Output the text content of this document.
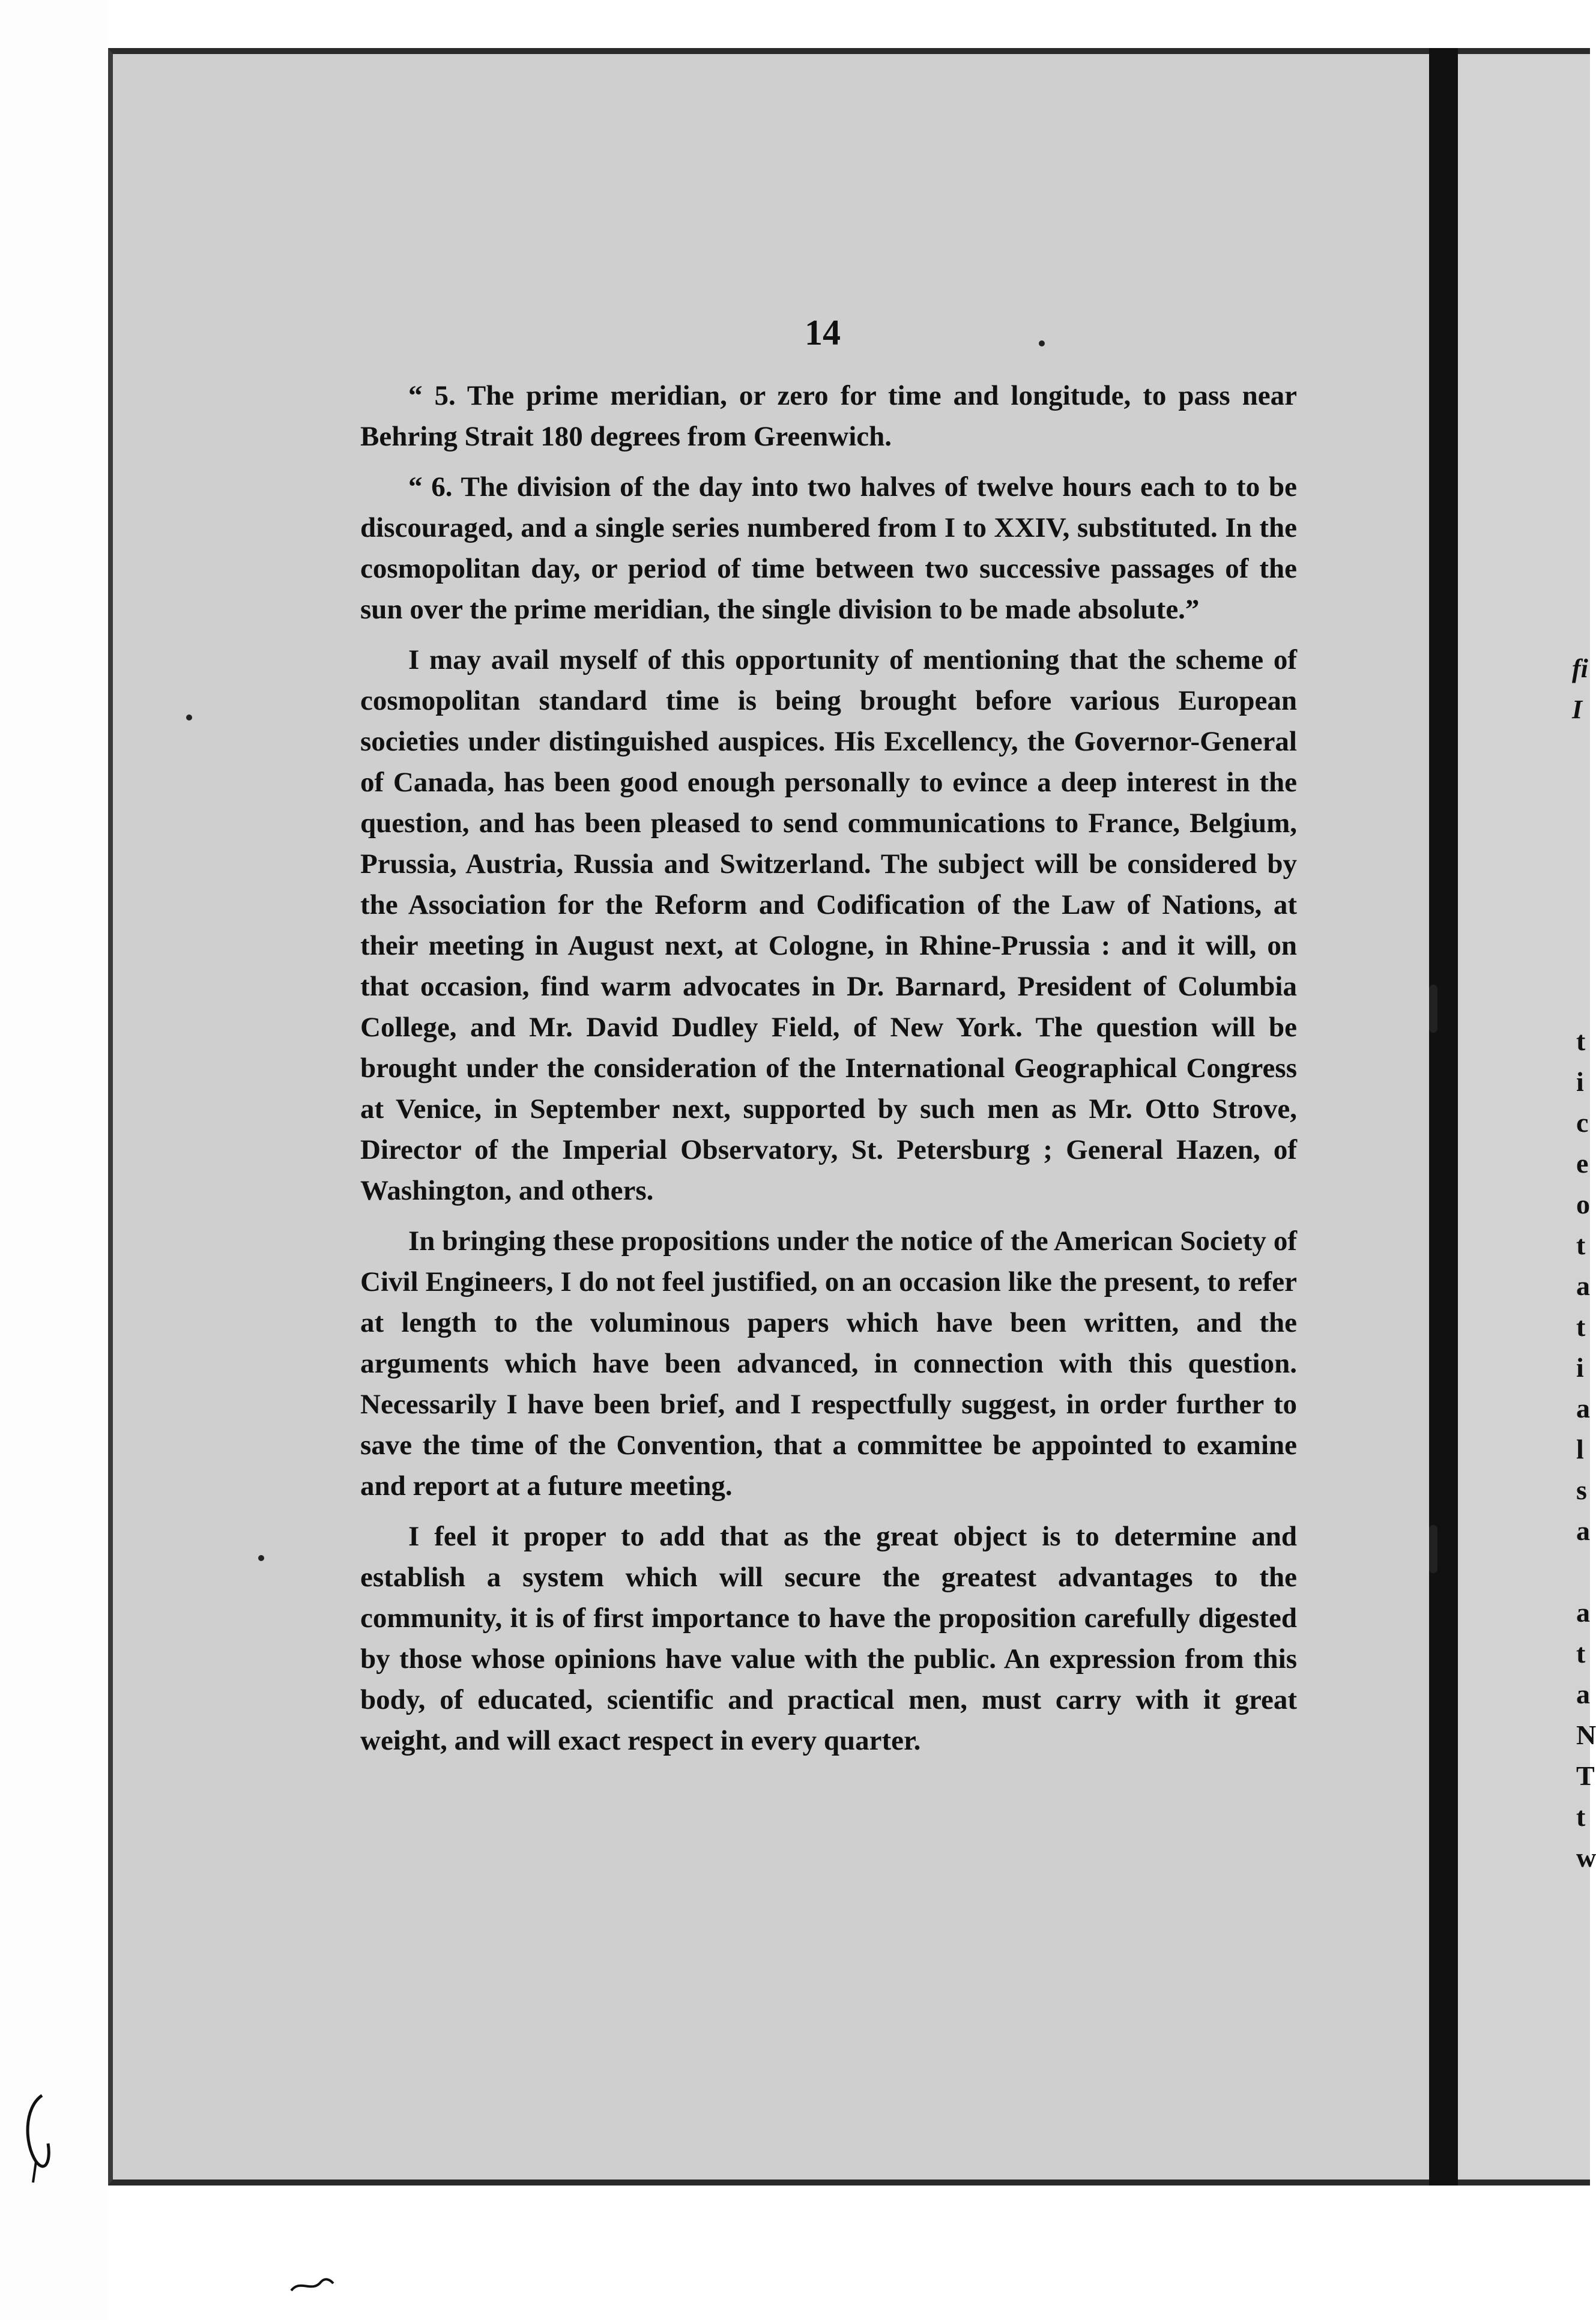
fi
I
t
i
c
e
o
t
a
t
i
a
l
s
a
a
t
a
N
T
t
w
14

“ 5. The prime meridian, or zero for time and longitude, to pass near Behring Strait 180 degrees from Greenwich.

“ 6. The division of the day into two halves of twelve hours each to to be discouraged, and a single series numbered from I to XXIV, substituted. In the cosmopolitan day, or period of time between two successive passages of the sun over the prime meridian, the single division to be made absolute.”

I may avail myself of this opportunity of mentioning that the scheme of cosmopolitan standard time is being brought before various European societies under distinguished auspices. His Excellency, the Governor-General of Canada, has been good enough personally to evince a deep interest in the question, and has been pleased to send communications to France, Belgium, Prussia, Austria, Russia and Switzerland. The subject will be considered by the Association for the Reform and Codification of the Law of Nations, at their meeting in August next, at Cologne, in Rhine-Prussia : and it will, on that occasion, find warm advocates in Dr. Barnard, President of Columbia College, and Mr. David Dudley Field, of New York. The question will be brought under the consideration of the International Geographical Congress at Venice, in September next, supported by such men as Mr. Otto Strove, Director of the Imperial Observatory, St. Petersburg ; General Hazen, of Washington, and others.

In bringing these propositions under the notice of the American Society of Civil Engineers, I do not feel justified, on an occasion like the present, to refer at length to the voluminous papers which have been written, and the arguments which have been advanced, in connection with this question. Necessarily I have been brief, and I respectfully suggest, in order further to save the time of the Convention, that a committee be appointed to examine and report at a future meeting.

I feel it proper to add that as the great object is to determine and establish a system which will secure the greatest advantages to the community, it is of first importance to have the proposition carefully digested by those whose opinions have value with the public. An expression from this body, of educated, scientific and practical men, must carry with it great weight, and will exact respect in every quarter.
